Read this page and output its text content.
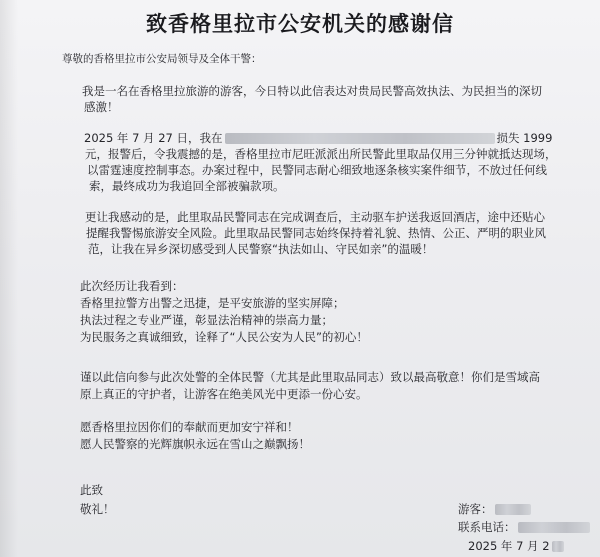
致香格里拉市公安机关的感谢信
尊敬的香格里拉市公安局领导及全体干警：
我是一名在香格里拉旅游的游客，今日特以此信表达对贵局民警高效执法、为民担当的深切
感激！
2025 年 7 月 27 日，我在	损失 1999
元，报警后，令我震撼的是，香格里拉市尼旺派派出所民警此里取品仅用三分钟就抵达现场，
以雷霆速度控制事态。办案过程中，民警同志耐心细致地逐条核实案件细节，不放过任何线
索，最终成功为我追回全部被骗款项。
更让我感动的是，此里取品民警同志在完成调查后，主动驱车护送我返回酒店，途中还贴心
提醒我警惕旅游安全风险。此里取品民警同志始终保持着礼貌、热情、公正、严明的职业风
范，让我在异乡深切感受到人民警察“执法如山、守民如亲”的温暖！
此次经历让我看到：
香格里拉警方出警之迅捷，是平安旅游的坚实屏障；
执法过程之专业严谨，彰显法治精神的崇高力量；
为民服务之真诚细致，诠释了“人民公安为人民”的初心！
谨以此信向参与此次处警的全体民警（尤其是此里取品同志）致以最高敬意！你们是雪域高
原上真正的守护者，让游客在绝美风光中更添一份心安。
愿香格里拉因你们的奉献而更加安宁祥和！
愿人民警察的光辉旗帜永远在雪山之巅飘扬！
此致
敬礼！	游客：
联系电话：
2025 年 7 月 2
